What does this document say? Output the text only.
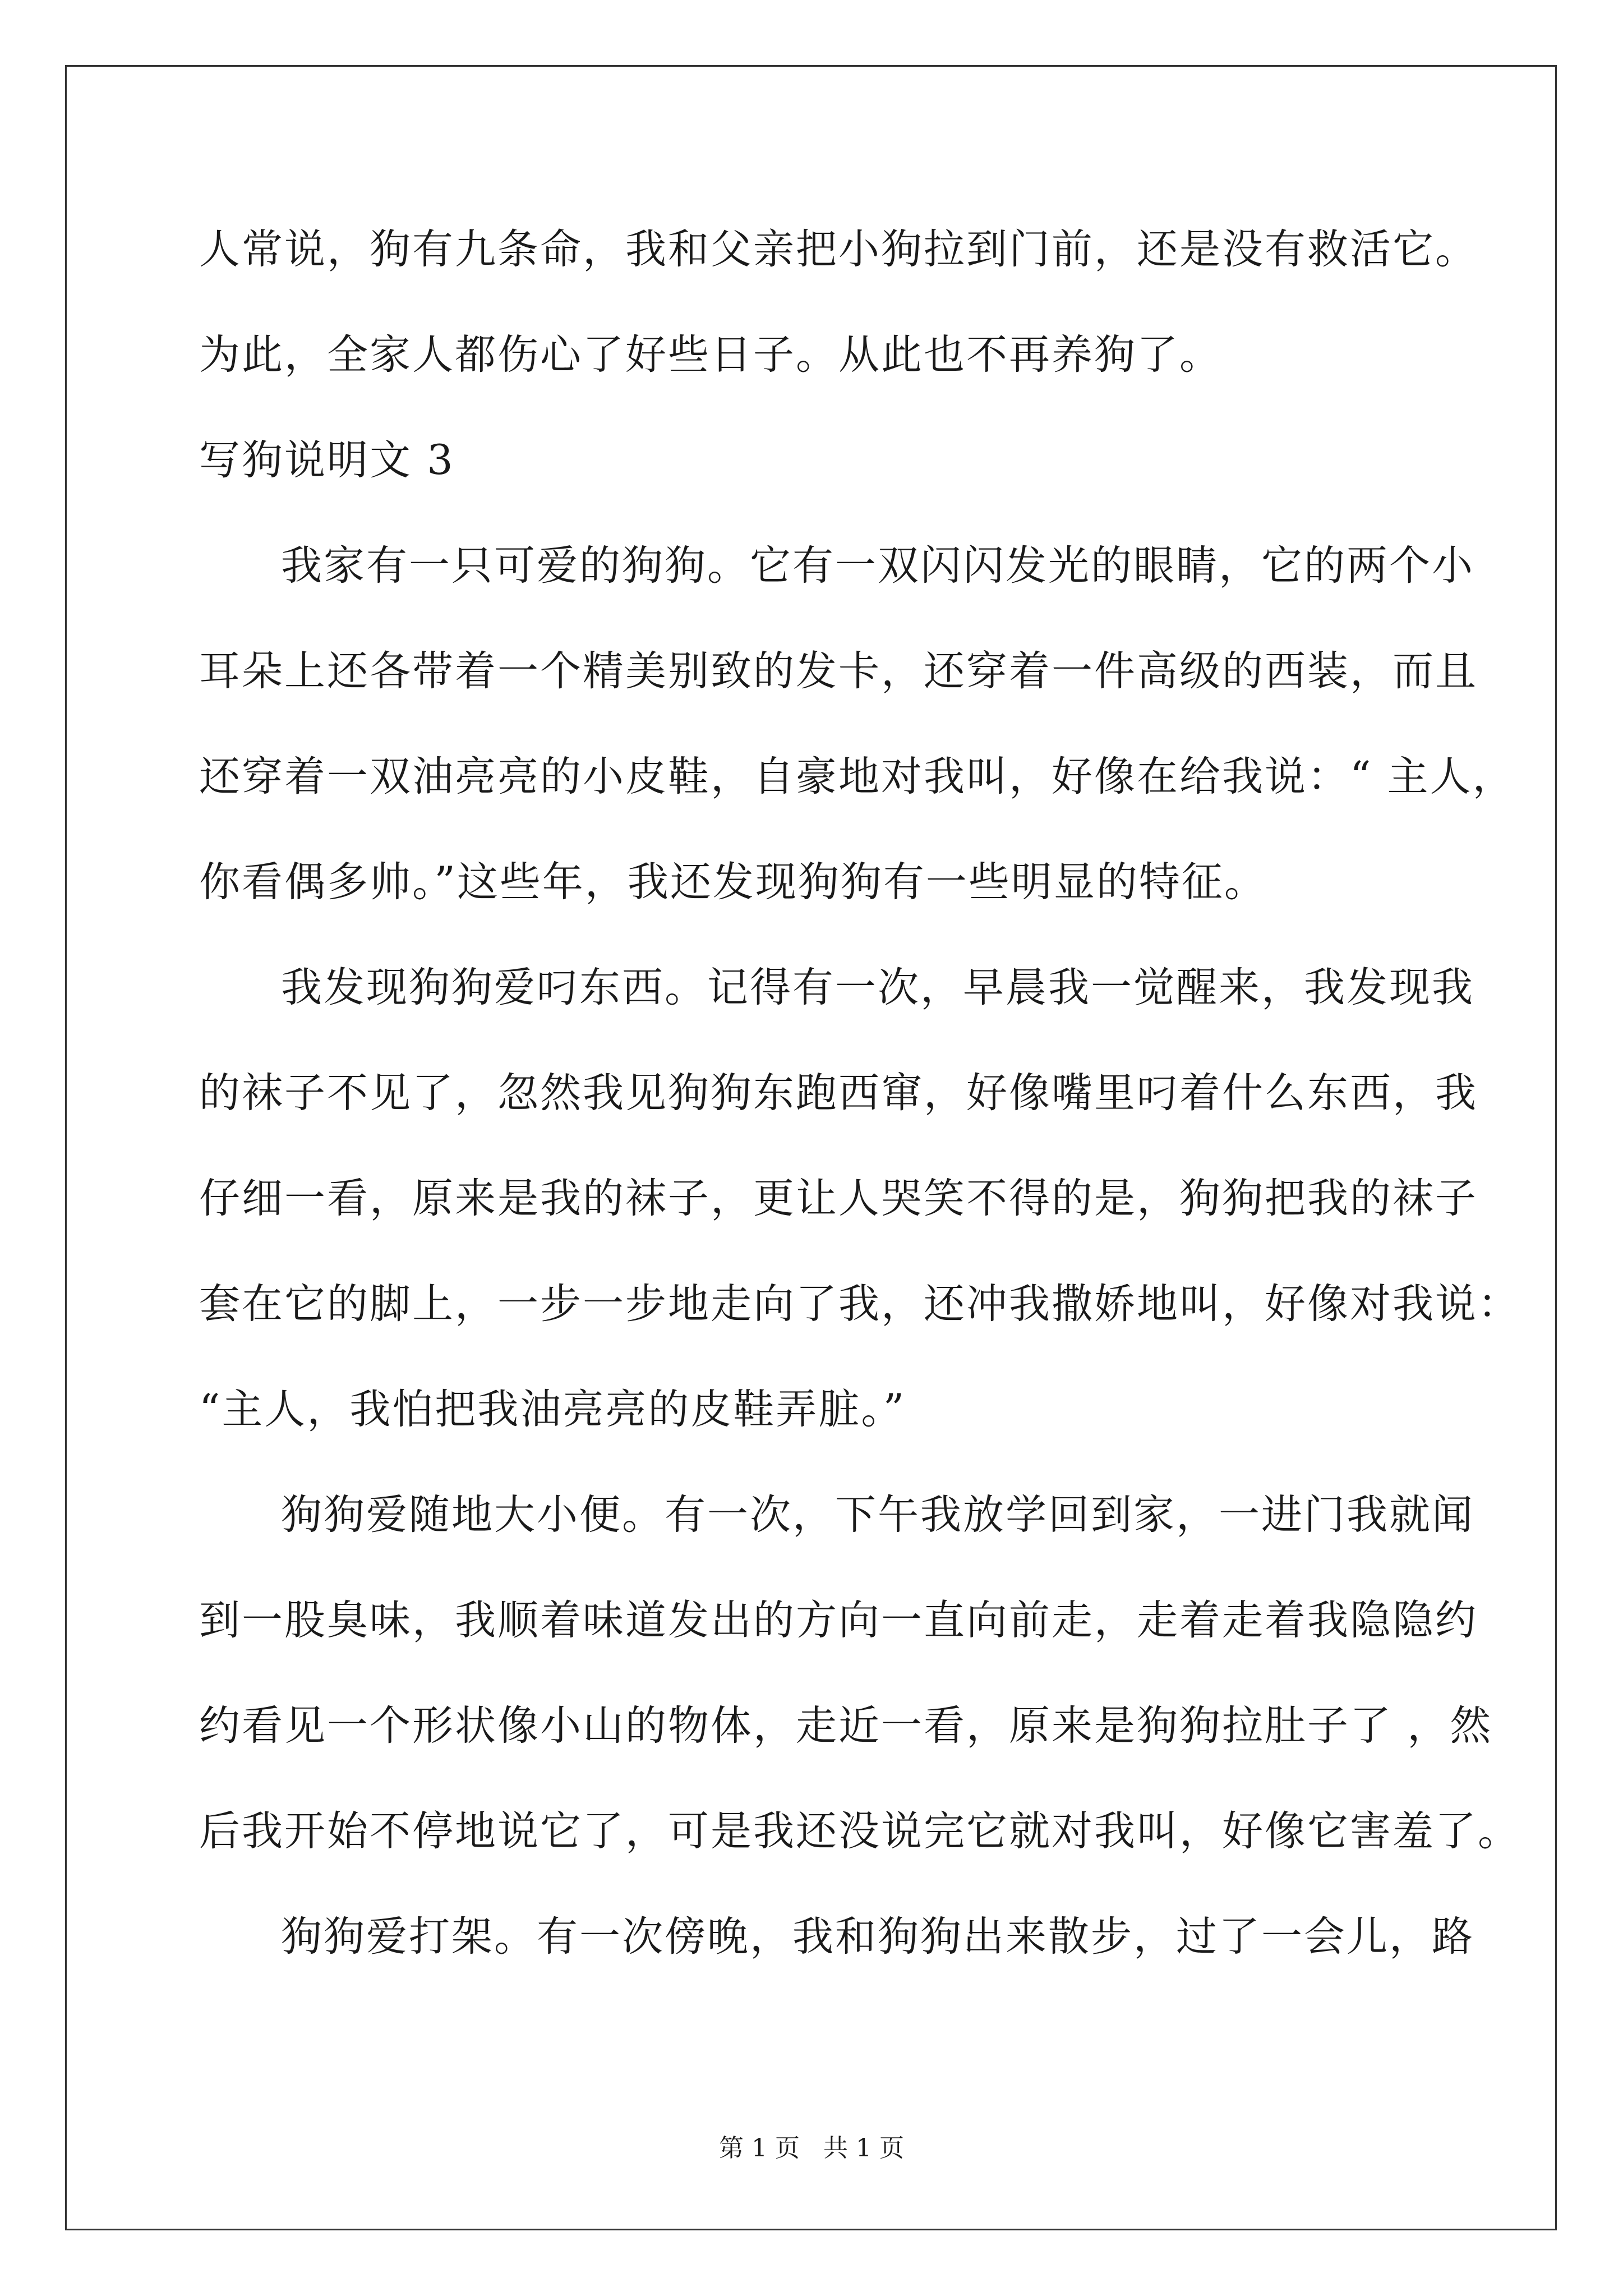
人常说，狗有九条命，我和父亲把小狗拉到门前，还是没有救活它。
为此，全家人都伤心了好些日子。从此也不再养狗了。
写狗说明文 3
我家有一只可爱的狗狗。它有一双闪闪发光的眼睛，它的两个小
耳朵上还各带着一个精美别致的发卡，还穿着一件高级的西装，而且
还穿着一双油亮亮的小皮鞋，自豪地对我叫，好像在给我说：“ 主人，
你看偶多帅。”这些年，我还发现狗狗有一些明显的特征。
我发现狗狗爱叼东西。记得有一次，早晨我一觉醒来，我发现我
的袜子不见了，忽然我见狗狗东跑西窜，好像嘴里叼着什么东西，我
仔细一看，原来是我的袜子，更让人哭笑不得的是，狗狗把我的袜子
套在它的脚上，一步一步地走向了我，还冲我撒娇地叫，好像对我说：
“主人，我怕把我油亮亮的皮鞋弄脏。”
狗狗爱随地大小便。有一次，下午我放学回到家，一进门我就闻
到一股臭味，我顺着味道发出的方向一直向前走，走着走着我隐隐约
约看见一个形状像小山的物体，走近一看，原来是狗狗拉肚子了 ，然
后我开始不停地说它了，可是我还没说完它就对我叫，好像它害羞了。
狗狗爱打架。有一次傍晚，我和狗狗出来散步，过了一会儿，路
第 1 页 共 1 页
